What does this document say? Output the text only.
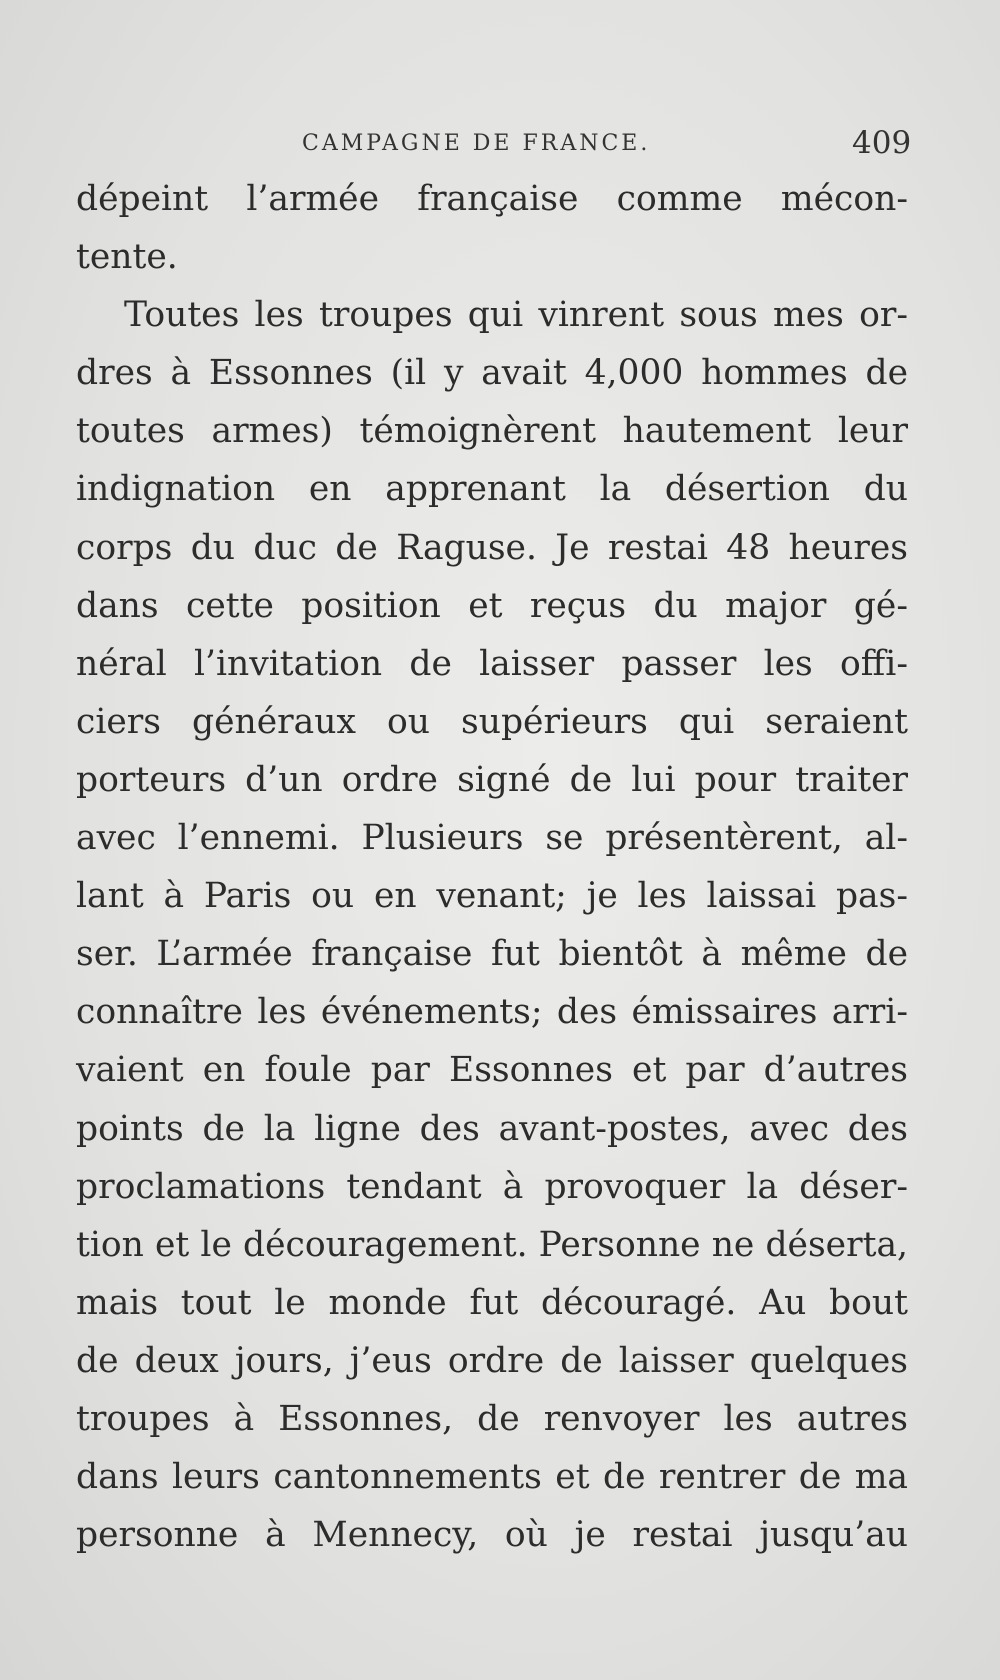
CAMPAGNE DE FRANCE.	409
dépeint l’armée française comme mécon-
tente.
Toutes les troupes qui vinrent sous mes or-
dres à Essonnes (il y avait 4,000 hommes de
toutes armes) témoignèrent hautement leur
indignation en apprenant la désertion du
corps du duc de Raguse. Je restai 48 heures
dans cette position et reçus du major gé-
néral l’invitation de laisser passer les offi-
ciers généraux ou supérieurs qui seraient
porteurs d’un ordre signé de lui pour traiter
avec l’ennemi. Plusieurs se présentèrent, al-
lant à Paris ou en venant; je les laissai pas-
ser. L’armée française fut bientôt à même de
connaître les événements; des émissaires arri-
vaient en foule par Essonnes et par d’autres
points de la ligne des avant-postes, avec des
proclamations tendant à provoquer la déser-
tion et le découragement. Personne ne déserta,
mais tout le monde fut découragé. Au bout
de deux jours, j’eus ordre de laisser quelques
troupes à Essonnes, de renvoyer les autres
dans leurs cantonnements et de rentrer de ma
personne à Mennecy, où je restai jusqu’au
